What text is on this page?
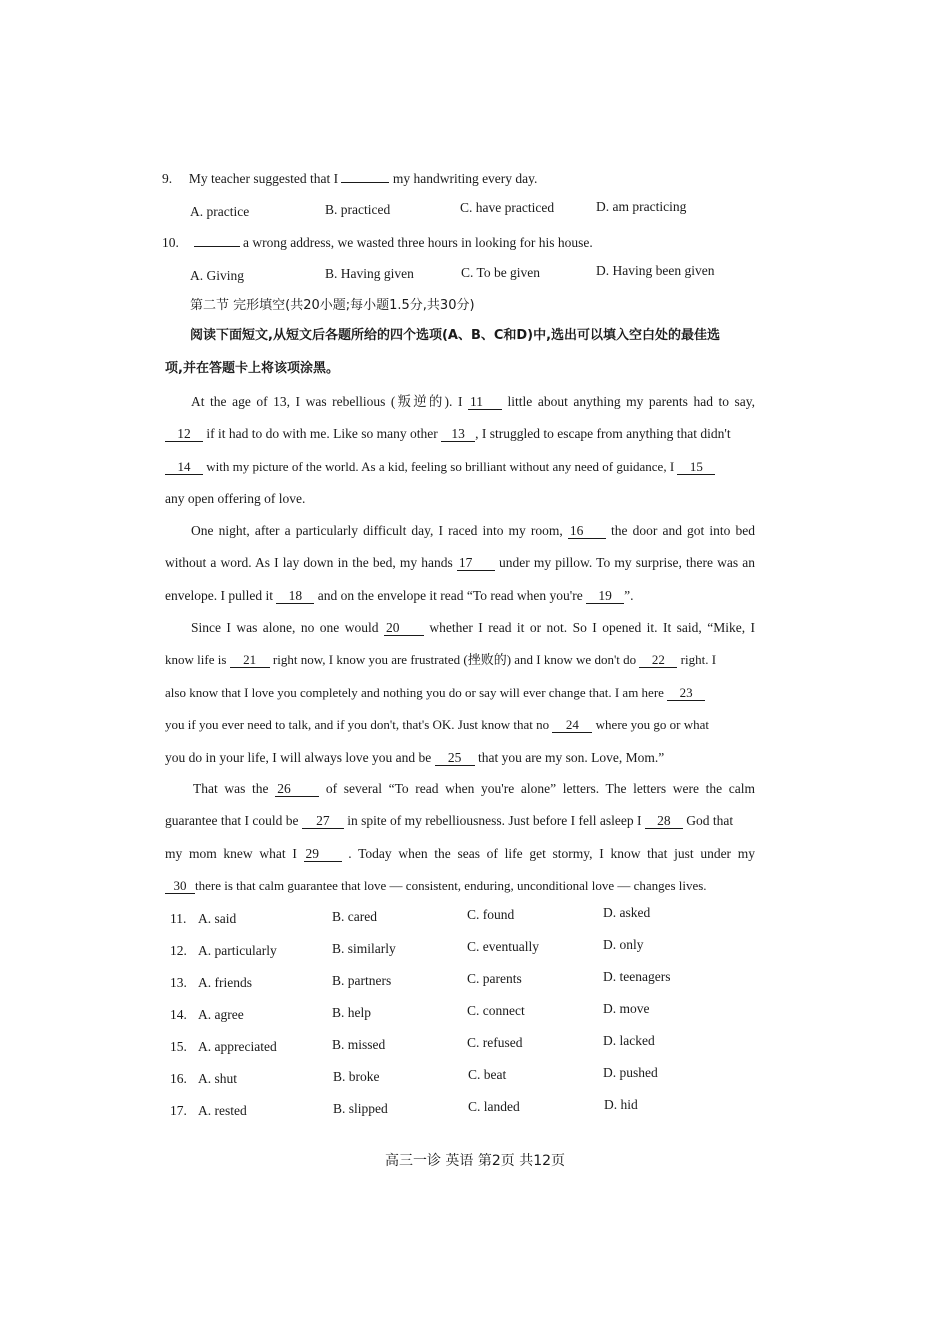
9. My teacher suggested that I	my handwriting every day.
A. practice	B. practiced	C. have practiced	D. am practicing
10.	a wrong address, we wasted three hours in looking for his house.
A. Giving	B. Having given	C. To be given	D. Having been given
第二节 完形填空(共20小题;每小题1.5分,共30分)
阅读下面短文,从短文后各题所给的四个选项(A、B、C和D)中,选出可以填入空白处的最佳选
项,并在答题卡上将该项涂黑。
At the age of 13, I was rebellious (叛逆的). I 11 little about anything my parents had to say,
12 if it had to do with me. Like so many other 13 , I struggled to escape from anything that didn't
14 with my picture of the world. As a kid, feeling so brilliant without any need of guidance, I 15
any open offering of love.
One night, after a particularly difficult day, I raced into my room, 16 the door and got into bed
without a word. As I lay down in the bed, my hands 17 under my pillow. To my surprise, there was an
envelope. I pulled it 18 and on the envelope it read “To read when you're 19 ”.
Since I was alone, no one would 20 whether I read it or not. So I opened it. It said, “Mike, I
know life is 21 right now, I know you are frustrated (挫败的) and I know we don't do 22 right. I
also know that I love you completely and nothing you do or say will ever change that. I am here 23
you if you ever need to talk, and if you don't, that's OK. Just know that no 24 where you go or what
you do in your life, I will always love you and be 25 that you are my son. Love, Mom.”
That was the 26	of several “To read when you're alone” letters. The letters were the calm
guarantee that I could be 27 in spite of my rebelliousness. Just before I fell asleep I 28 God that
my mom knew what I 29 . Today when the seas of life get stormy, I know that just under my
30 there is that calm guarantee that love — consistent, enduring, unconditional love — changes lives.
11. A. said	B. cared	C. found	D. asked
12. A. particularly	B. similarly	C. eventually	D. only
13. A. friends	B. partners	C. parents	D. teenagers
14. A. agree	B. help	C. connect	D. move
15. A. appreciated	B. missed	C. refused	D. lacked
16. A. shut	B. broke	C. beat	D. pushed
17. A. rested	B. slipped	C. landed	D. hid
高三一诊 英语 第2页 共12页
